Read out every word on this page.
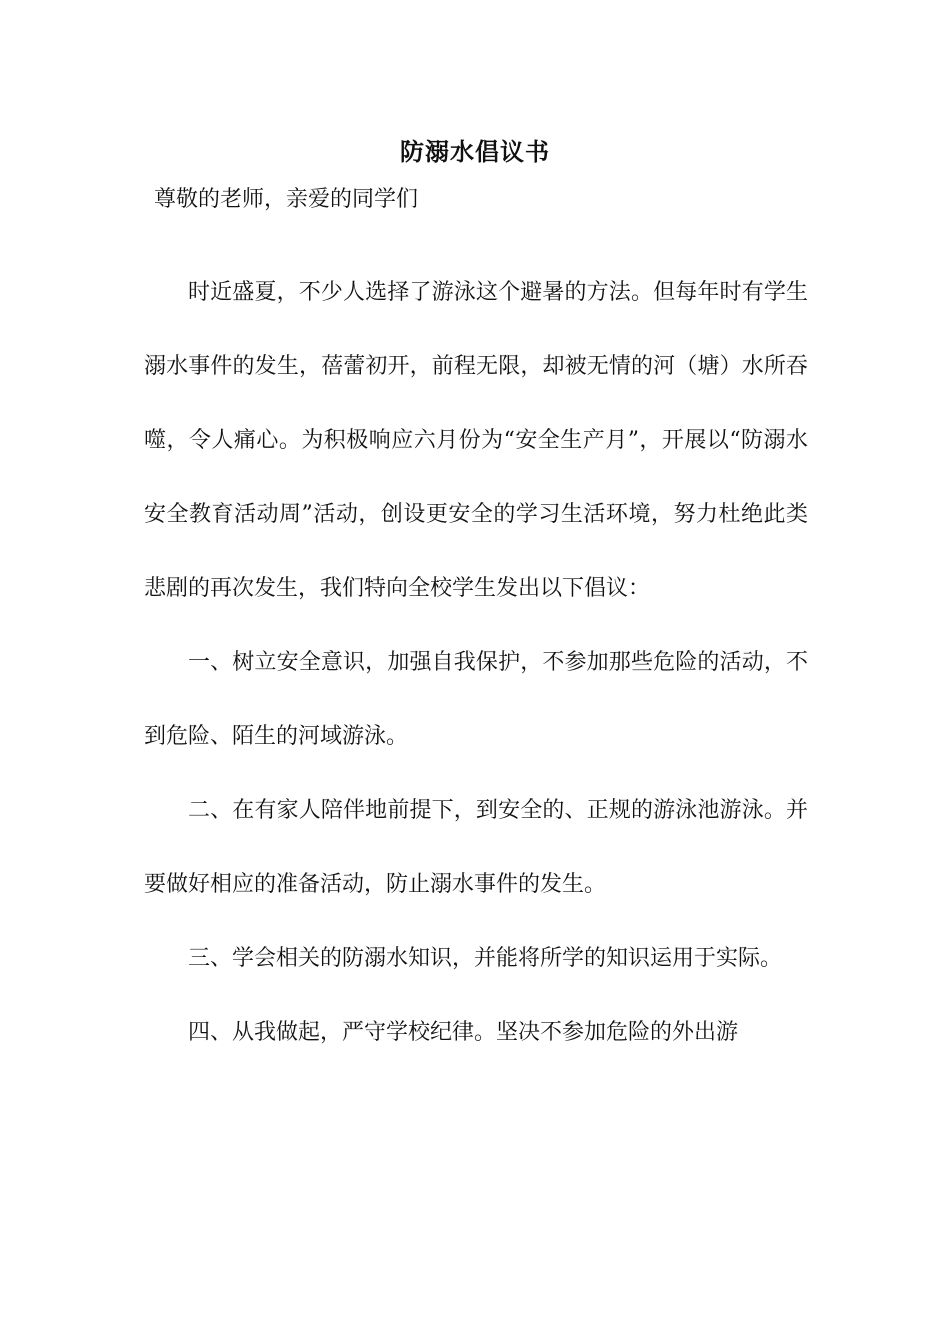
防溺水倡议书
尊敬的老师，亲爱的同学们

时近盛夏，不少人选择了游泳这个避暑的方法。但每年时有学生溺水事件的发生，蓓蕾初开，前程无限，却被无情的河（塘）水所吞噬，令人痛心。为积极响应六月份为“安全生产月”，开展以“防溺水安全教育活动周”活动，创设更安全的学习生活环境，努力杜绝此类悲剧的再次发生，我们特向全校学生发出以下倡议：

一、树立安全意识，加强自我保护，不参加那些危险的活动，不到危险、陌生的河域游泳。

二、在有家人陪伴地前提下，到安全的、正规的游泳池游泳。并要做好相应的准备活动，防止溺水事件的发生。

三、学会相关的防溺水知识，并能将所学的知识运用于实际。

四、从我做起，严守学校纪律。坚决不参加危险的外出游
